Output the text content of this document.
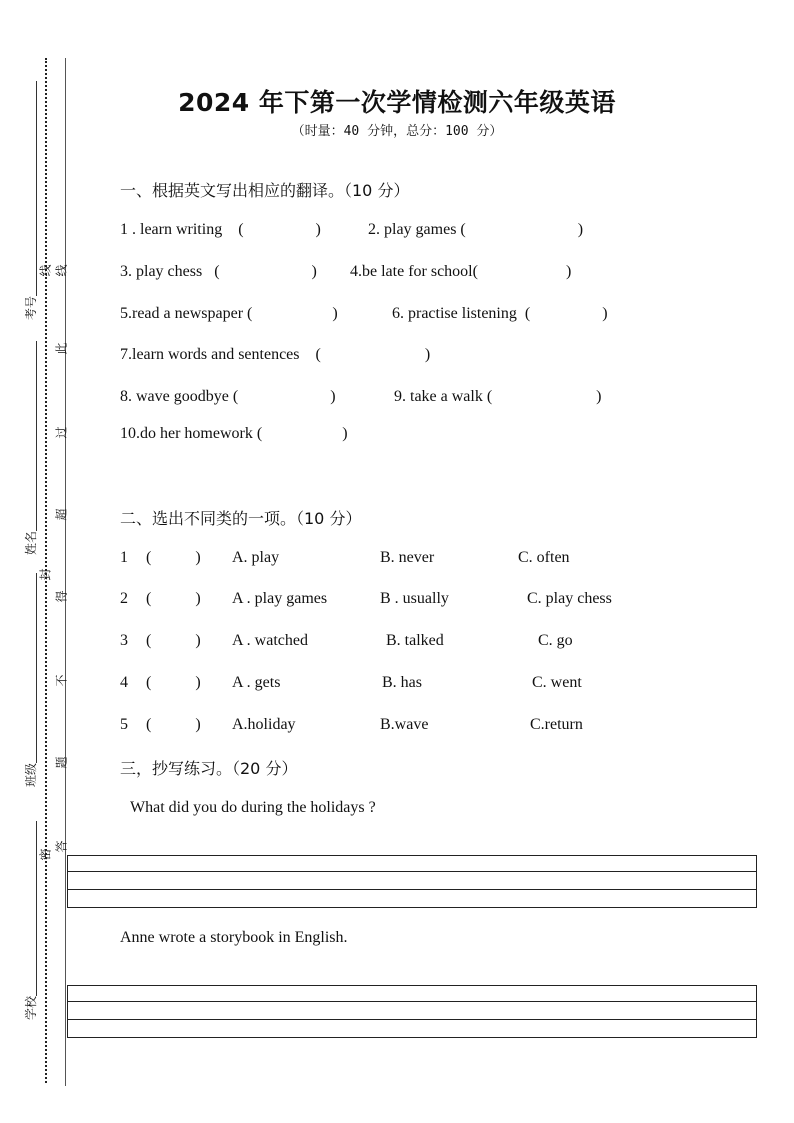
考号
姓名
班级
学校
线
线
此
过
超
封
得
不
题
答
密
2024 年下第一次学情检测六年级英语
（时量：40 分钟，总分：100 分）
一、根据英文写出相应的翻译。（10 分）
1 . learn writing    (                  )	2. play games (                            )
3. play chess   (                       ) 4.be late for school(                      )
5.read a newspaper (                    )	6. practise listening  (                  )
7.learn words and sentences    (                          )
8. wave goodbye (                       )	9. take a walk (                          )
10.do her homework (                    )
二、选出不同类的一项。（10 分）
1 (           ) A. play	B. never	C. often
2 (           ) A . play games	B . usually	C. play chess
3 (           ) A . watched	B. talked	C. go
4 (           ) A . gets	B. has	C. went
5 (           ) A.holiday	B.wave	C.return
三，抄写练习。（20 分）
What did you do during the holidays ?
Anne wrote a storybook in English.
